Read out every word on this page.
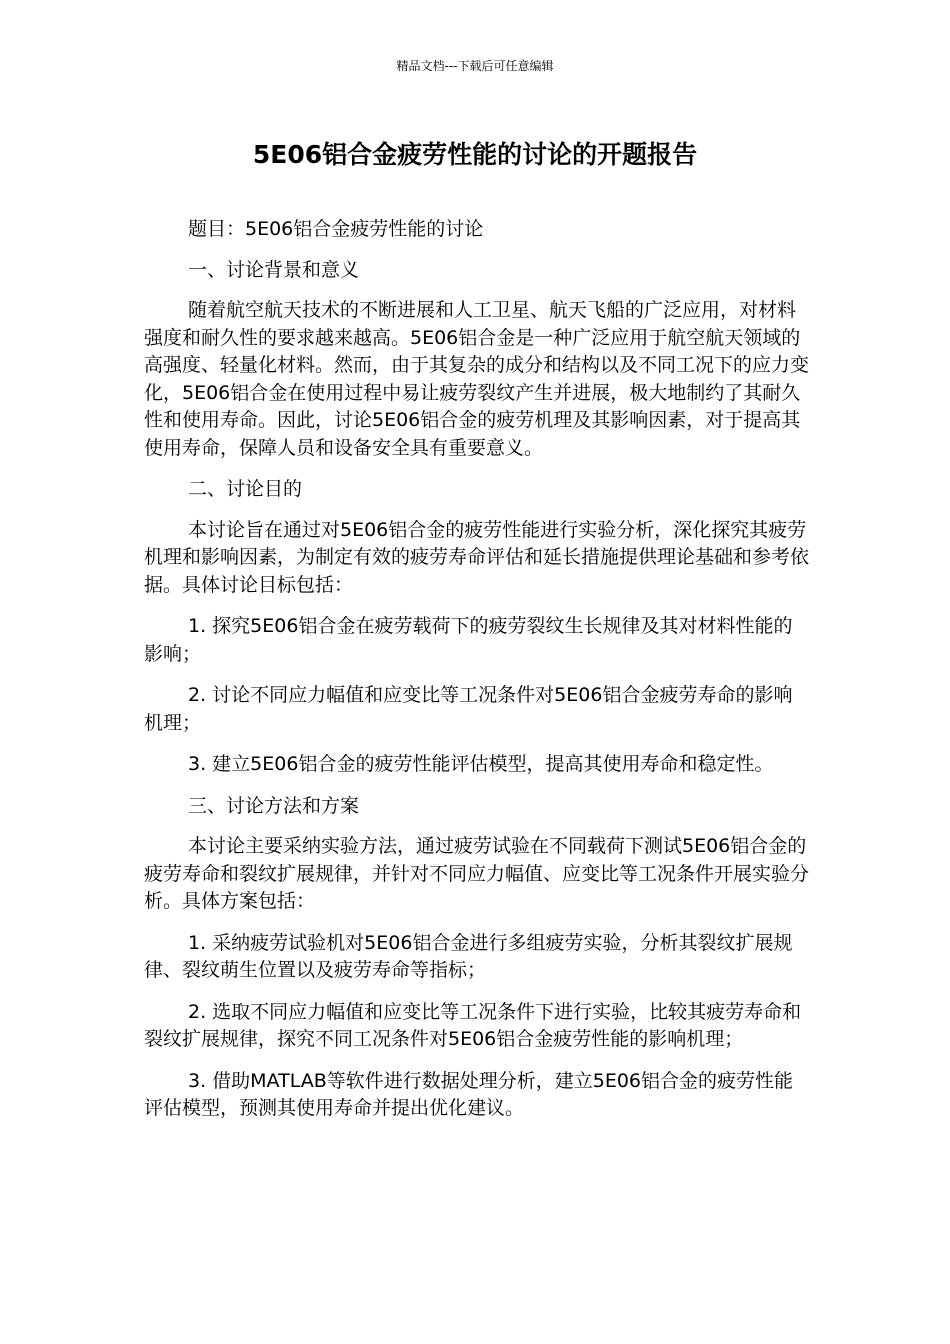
精品文档---下载后可任意编辑
5E06铝合金疲劳性能的讨论的开题报告

题目：5E06铝合金疲劳性能的讨论

一、讨论背景和意义

随着航空航天技术的不断进展和人工卫星、航天飞船的广泛应用，对材料强度和耐久性的要求越来越高。5E06铝合金是一种广泛应用于航空航天领域的高强度、轻量化材料。然而，由于其复杂的成分和结构以及不同工况下的应力变化，5E06铝合金在使用过程中易让疲劳裂纹产生并进展，极大地制约了其耐久性和使用寿命。因此，讨论5E06铝合金的疲劳机理及其影响因素，对于提高其使用寿命，保障人员和设备安全具有重要意义。

二、讨论目的

本讨论旨在通过对5E06铝合金的疲劳性能进行实验分析，深化探究其疲劳机理和影响因素，为制定有效的疲劳寿命评估和延长措施提供理论基础和参考依据。具体讨论目标包括：

1. 探究5E06铝合金在疲劳载荷下的疲劳裂纹生长规律及其对材料性能的影响；

2. 讨论不同应力幅值和应变比等工况条件对5E06铝合金疲劳寿命的影响机理；

3. 建立5E06铝合金的疲劳性能评估模型，提高其使用寿命和稳定性。

三、讨论方法和方案

本讨论主要采纳实验方法，通过疲劳试验在不同载荷下测试5E06铝合金的疲劳寿命和裂纹扩展规律，并针对不同应力幅值、应变比等工况条件开展实验分析。具体方案包括：

1. 采纳疲劳试验机对5E06铝合金进行多组疲劳实验，分析其裂纹扩展规律、裂纹萌生位置以及疲劳寿命等指标；

2. 选取不同应力幅值和应变比等工况条件下进行实验，比较其疲劳寿命和裂纹扩展规律，探究不同工况条件对5E06铝合金疲劳性能的影响机理；

3. 借助MATLAB等软件进行数据处理分析，建立5E06铝合金的疲劳性能评估模型，预测其使用寿命并提出优化建议。
